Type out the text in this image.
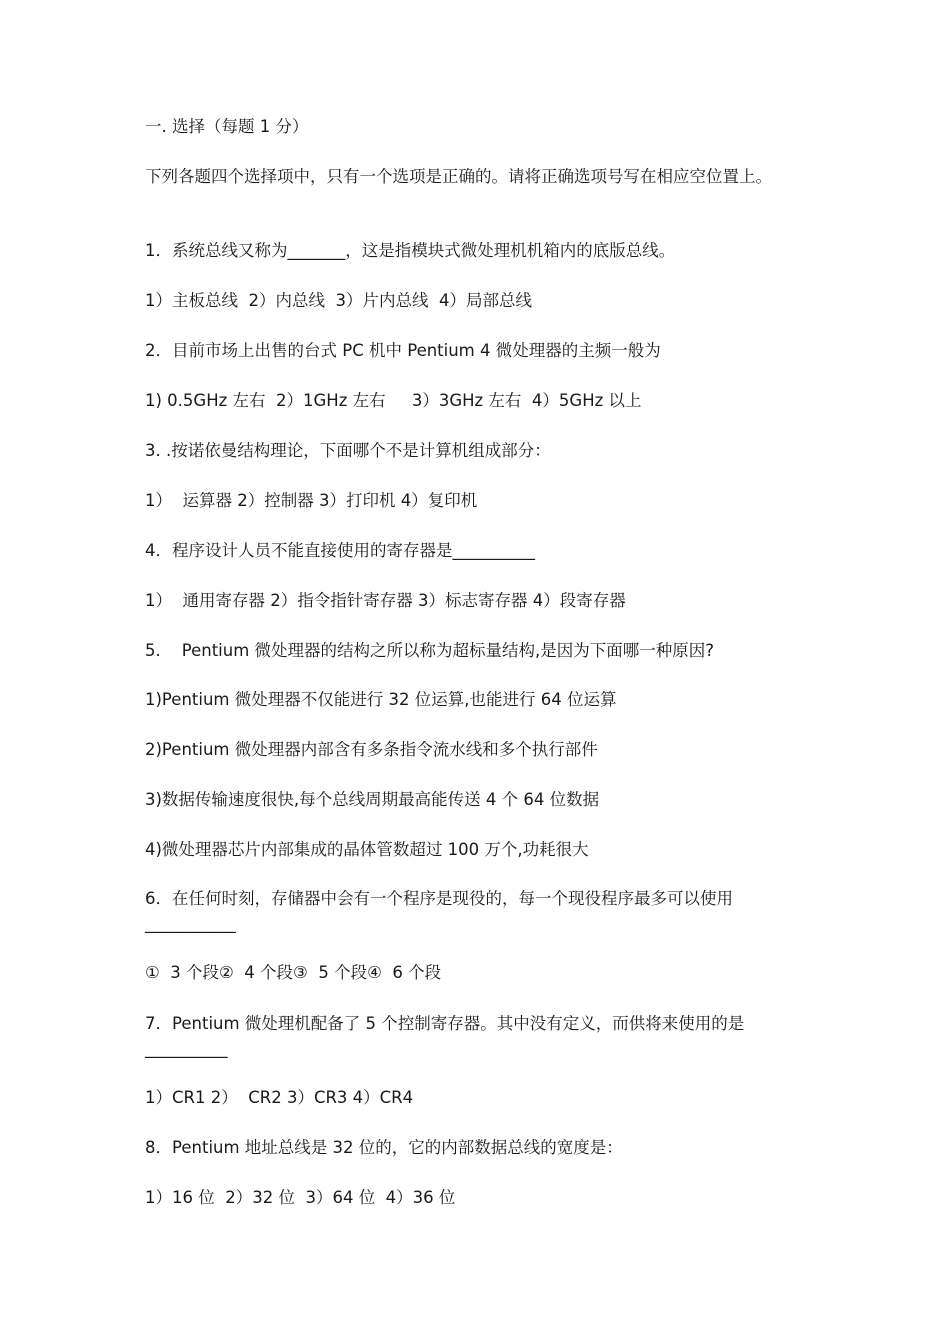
一. 选择（每题 1 分）

下列各题四个选择项中，只有一个选项是正确的。请将正确选项号写在相应空位置上。

1．系统总线又称为_______，这是指模块式微处理机机箱内的底版总线。

1）主板总线  2）内总线  3）片内总线  4）局部总线

2．目前市场上出售的台式 PC 机中 Pentium 4 微处理器的主频一般为

1) 0.5GHz 左右  2）1GHz 左右     3）3GHz 左右  4）5GHz 以上

3. .按诺依曼结构理论，下面哪个不是计算机组成部分：

1）  运算器 2）控制器 3）打印机 4）复印机

4．程序设计人员不能直接使用的寄存器是__________

1）  通用寄存器 2）指令指针寄存器 3）标志寄存器 4）段寄存器

5.    Pentium 微处理器的结构之所以称为超标量结构,是因为下面哪一种原因?

1)Pentium 微处理器不仅能进行 32 位运算,也能进行 64 位运算

2)Pentium 微处理器内部含有多条指令流水线和多个执行部件

3)数据传输速度很快,每个总线周期最高能传送 4 个 64 位数据

4)微处理器芯片内部集成的晶体管数超过 100 万个,功耗很大

6．在任何时刻，存储器中会有一个程序是现役的，每一个现役程序最多可以使用___________

①  3 个段②  4 个段③  5 个段④  6 个段

7．Pentium 微处理机配备了 5 个控制寄存器。其中没有定义，而供将来使用的是__________

1）CR1 2）  CR2 3）CR3 4）CR4

8．Pentium 地址总线是 32 位的，它的内部数据总线的宽度是：

1）16 位  2）32 位  3）64 位  4）36 位
